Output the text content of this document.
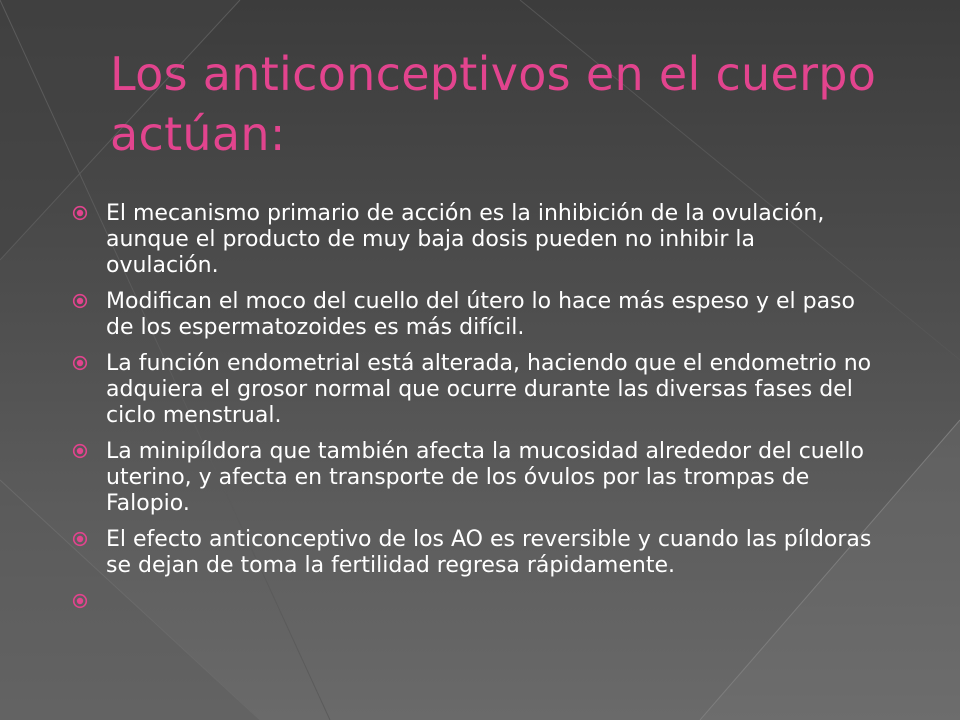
Los anticonceptivos en el cuerpo actúan:
El mecanismo primario de acción es la inhibición de la ovulación, aunque el producto de muy baja dosis pueden no inhibir la ovulación.
Modifican el moco del cuello del útero lo hace más espeso y el paso de los espermatozoides es más difícil.
La función endometrial está alterada, haciendo que el endometrio no adquiera el grosor normal que ocurre durante las diversas fases del ciclo menstrual.
La minipíldora que también afecta la mucosidad alrededor del cuello uterino, y afecta en transporte de los óvulos por las trompas de Falopio.
El efecto anticonceptivo de los AO es reversible y cuando las píldoras se dejan de toma la fertilidad regresa rápidamente.
